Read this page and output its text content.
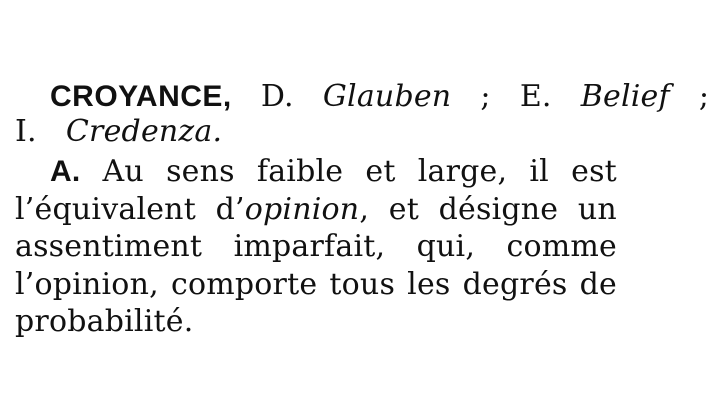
CROYANCE, D. Glauben ; E. Belief ;
I. Credenza.
A. Au sens faible et large, il est
l’équivalent d’opinion, et désigne un
assentiment imparfait, qui, comme
l’opinion, comporte tous les degrés de
probabilité.
